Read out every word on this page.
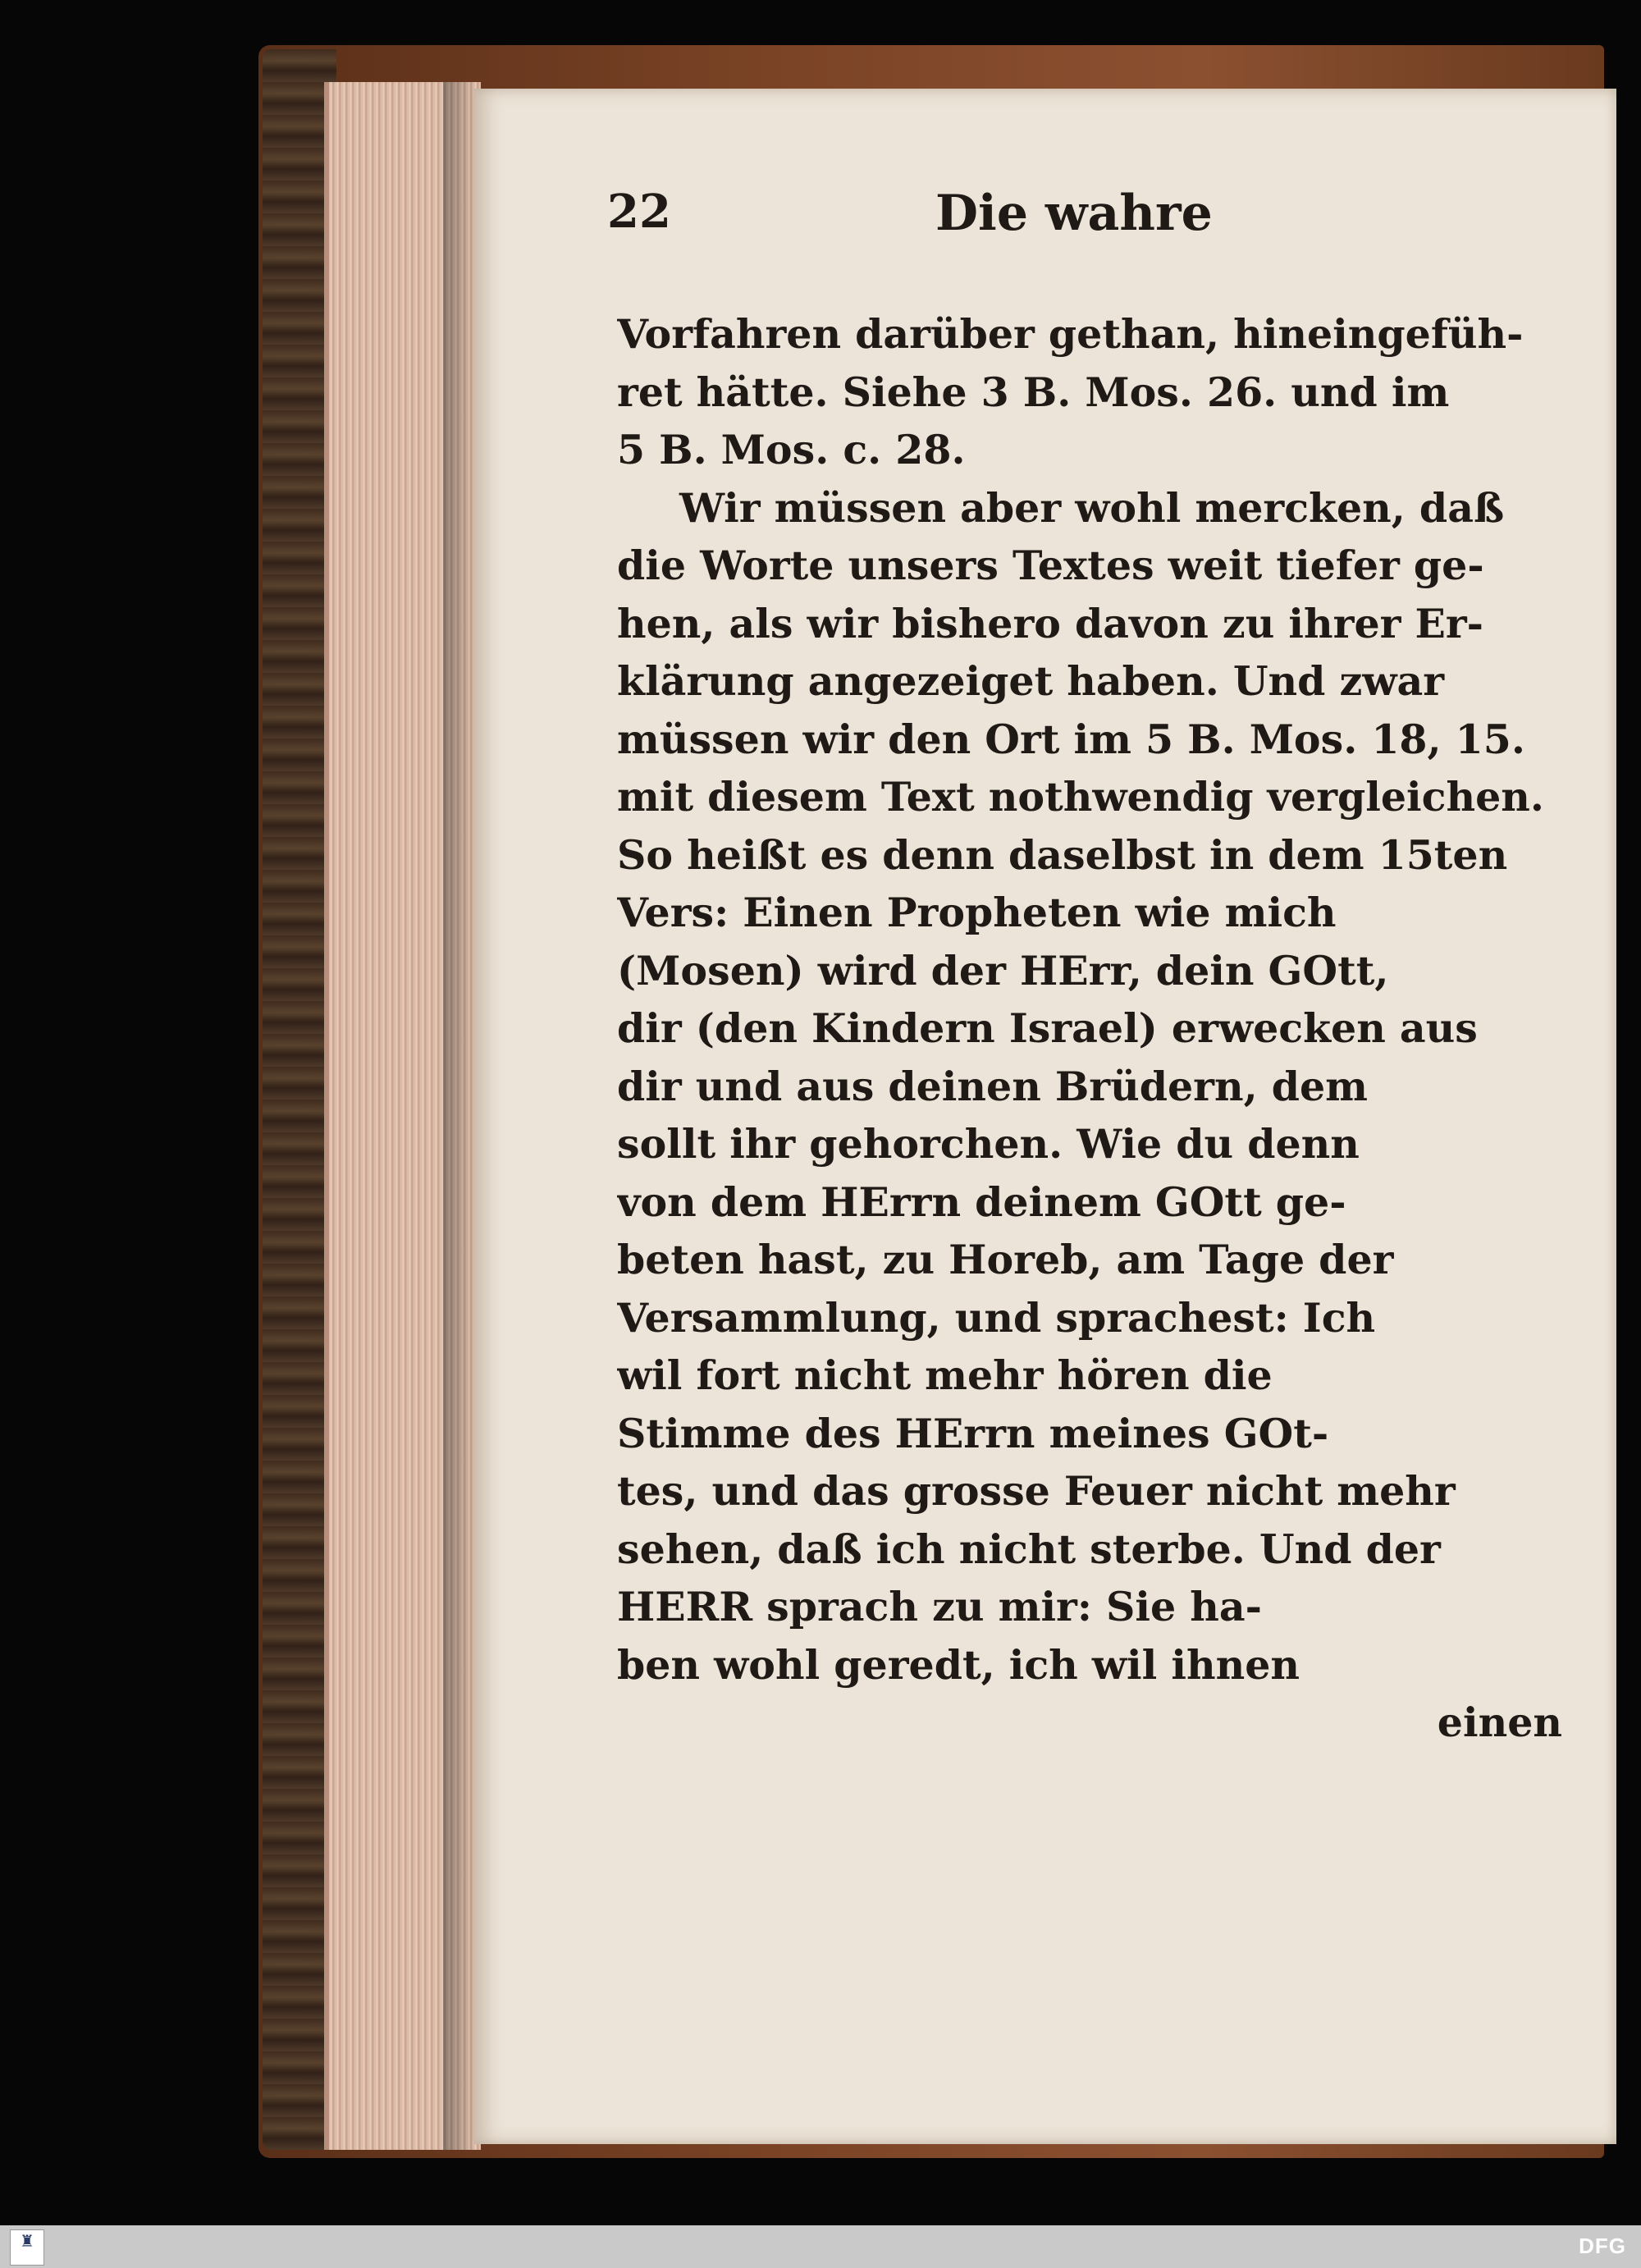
22	Die wahre
Vorfahren darüber gethan, hineingefüh-
ret hätte. Siehe 3 B. Mos. 26. und im
5 B. Mos. c. 28.
Wir müssen aber wohl mercken, daß
die Worte unsers Textes weit tiefer ge-
hen, als wir bishero davon zu ihrer Er-
klärung angezeiget haben. Und zwar
müssen wir den Ort im 5 B. Mos. 18, 15.
mit diesem Text nothwendig vergleichen.
So heißt es denn daselbst in dem 15ten
Vers: Einen Propheten wie mich
(Mosen) wird der HErr, dein GOtt,
dir (den Kindern Israel) erwecken aus
dir und aus deinen Brüdern, dem
sollt ihr gehorchen. Wie du denn
von dem HErrn deinem GOtt ge-
beten hast, zu Horeb, am Tage der
Versammlung, und sprachest: Ich
wil fort nicht mehr hören die
Stimme des HErrn meines GOt-
tes, und das grosse Feuer nicht mehr
sehen, daß ich nicht sterbe. Und der
HERR sprach zu mir: Sie ha-
ben wohl geredt, ich wil ihnen
einen
♜	DFG
